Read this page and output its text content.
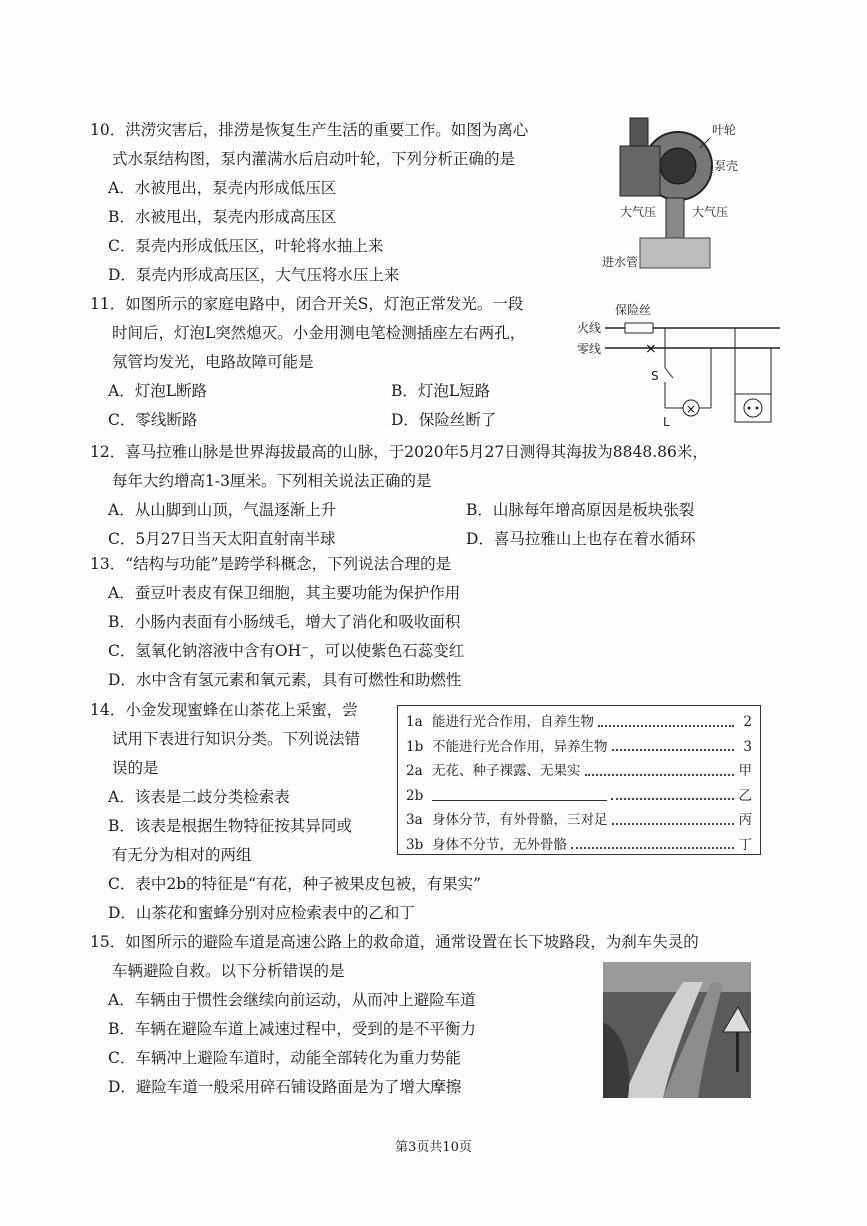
10．洪涝灾害后，排涝是恢复生产生活的重要工作。如图为离心
式水泵结构图，泵内灌满水后启动叶轮，下列分析正确的是
A．水被甩出，泵壳内形成低压区
B．水被甩出，泵壳内形成高压区
C．泵壳内形成低压区，叶轮将水抽上来
D．泵壳内形成高压区，大气压将水压上来
叶轮
泵壳
大气压	大气压
进水管
11．如图所示的家庭电路中，闭合开关S，灯泡正常发光。一段
时间后，灯泡L突然熄灭。小金用测电笔检测插座左右两孔，
氖管均发光，电路故障可能是
A．灯泡L断路	B．灯泡L短路
C．零线断路	D．保险丝断了
保险丝
火线
零线	×
S
×
L
12．喜马拉雅山脉是世界海拔最高的山脉，于2020年5月27日测得其海拔为8848.86米，
每年大约增高1-3厘米。下列相关说法正确的是
A．从山脚到山顶，气温逐渐上升	B．山脉每年增高原因是板块张裂
C．5月27日当天太阳直射南半球	D．喜马拉雅山上也存在着水循环
13．“结构与功能”是跨学科概念，下列说法合理的是
A．蚕豆叶表皮有保卫细胞，其主要功能为保护作用
B．小肠内表面有小肠绒毛，增大了消化和吸收面积
C．氢氧化钠溶液中含有OH⁻，可以使紫色石蕊变红
D．水中含有氢元素和氧元素，具有可燃性和助燃性
14．小金发现蜜蜂在山茶花上采蜜，尝
试用下表进行知识分类。下列说法错
误的是
A．该表是二歧分类检索表
B．该表是根据生物特征按其异同或
有无分为相对的两组
C．表中2b的特征是“有花，种子被果皮包被，有果实”
D．山茶花和蜜蜂分别对应检索表中的乙和丁
1a 能进行光合作用，自养生物	2
1b 不能进行光合作用，异养生物	3
2a 无花、种子裸露、无果实	甲
2b	乙
3a 身体分节，有外骨骼，三对足	丙
3b 身体不分节，无外骨骼	丁
15．如图所示的避险车道是高速公路上的救命道，通常设置在长下坡路段，为刹车失灵的
车辆避险自救。以下分析错误的是
A．车辆由于惯性会继续向前运动，从而冲上避险车道
B．车辆在避险车道上减速过程中，受到的是不平衡力
C．车辆冲上避险车道时，动能全部转化为重力势能
D．避险车道一般采用碎石铺设路面是为了增大摩擦
第3页共10页
